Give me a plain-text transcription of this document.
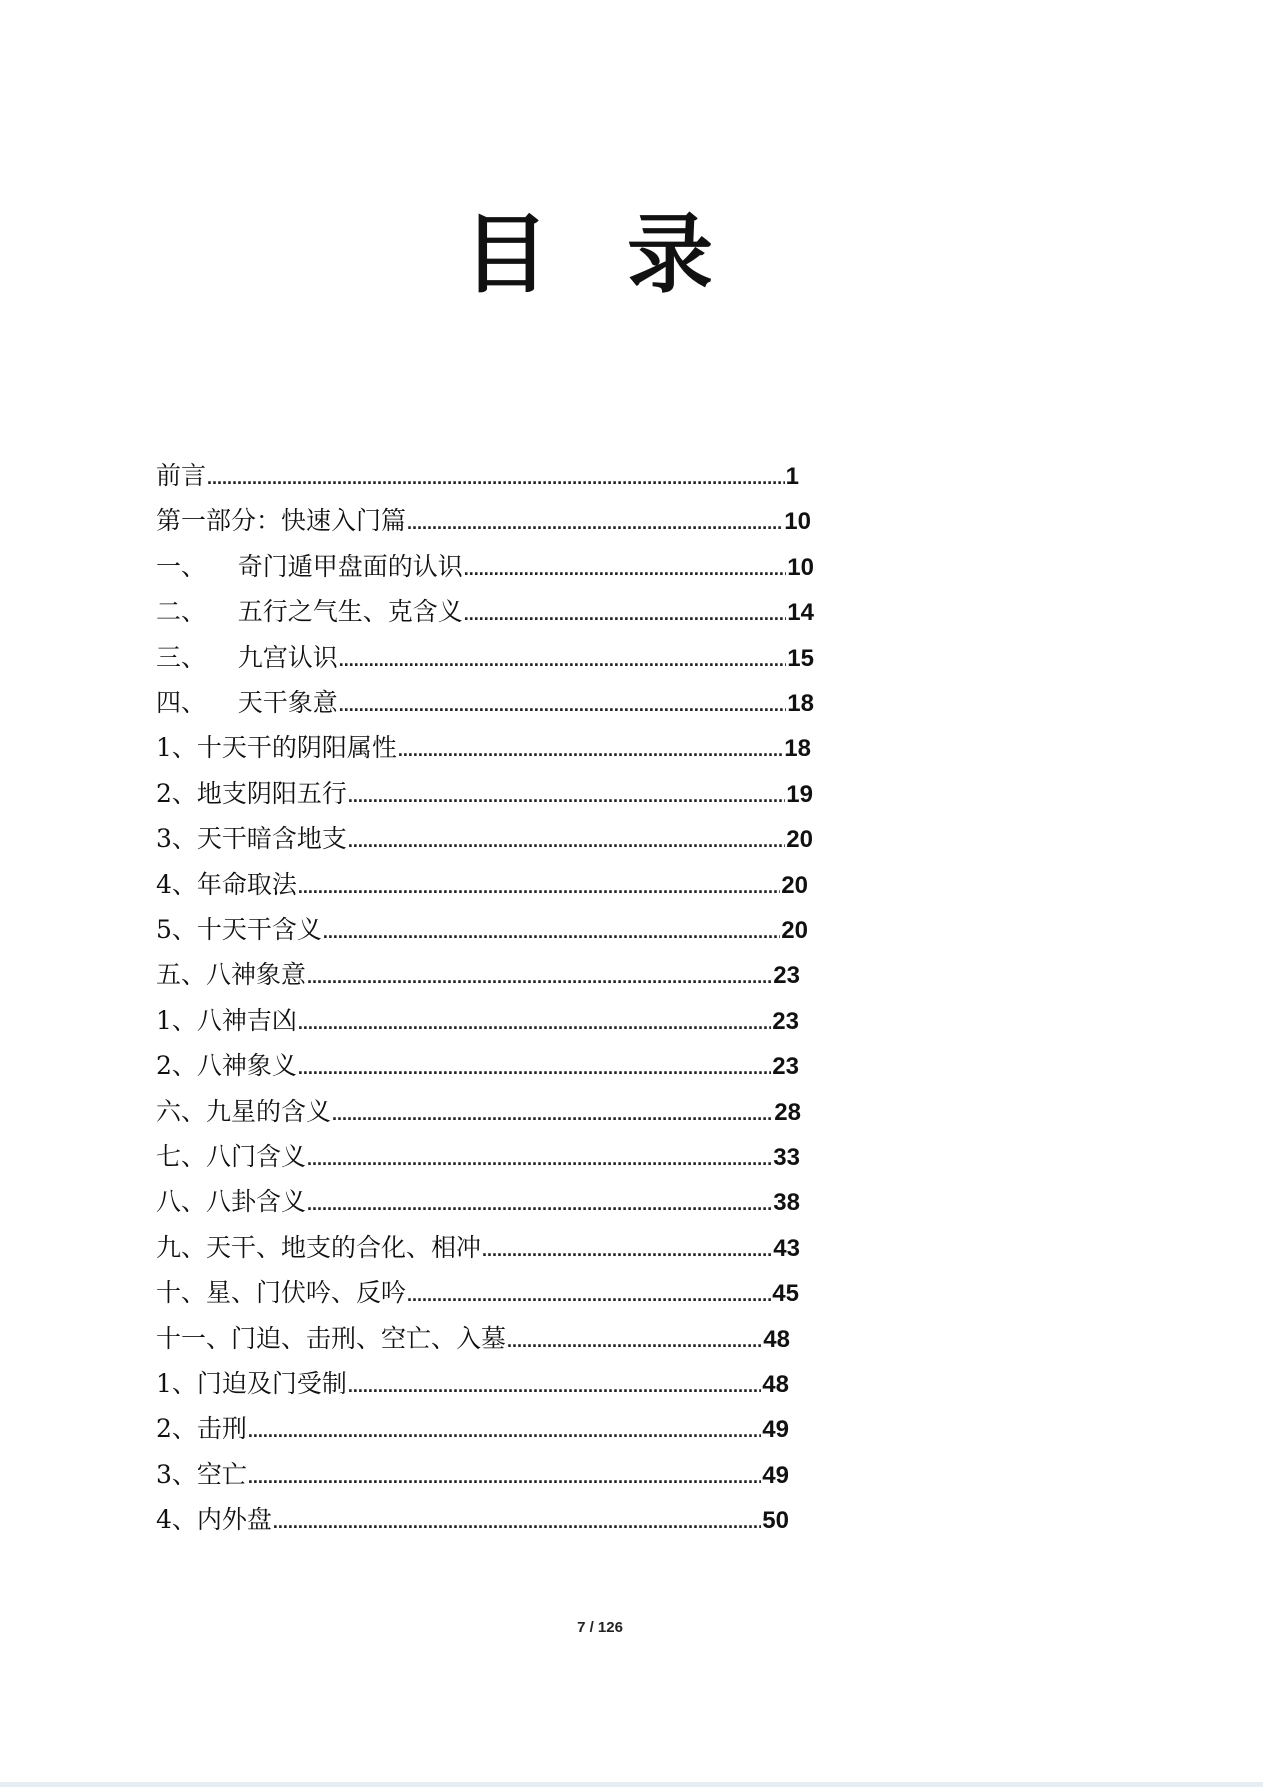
目 录
前言 .....	1
第一部分：快速入门篇 .....	10
一、    奇门遁甲盘面的认识 .....	10
二、    五行之气生、克含义 .....	14
三、    九宫认识 .....	15
四、    天干象意 .....	18
1、十天干的阴阳属性 .....	18
2、地支阴阳五行 .....	19
3、天干暗含地支 .....	20
4、年命取法 .....	20
5、十天干含义 .....	20
五、八神象意 .....	23
1、八神吉凶 .....	23
2、八神象义 .....	23
六、九星的含义 .....	28
七、八门含义 .....	33
八、八卦含义 .....	38
九、天干、地支的合化、相冲 .....	43
十、星、门伏吟、反吟 .....	45
十一、门迫、击刑、空亡、入墓 .....	48
1、门迫及门受制 .....	48
2、击刑 .....	49
3、空亡 .....	49
4、内外盘 .....	50
7 / 126
